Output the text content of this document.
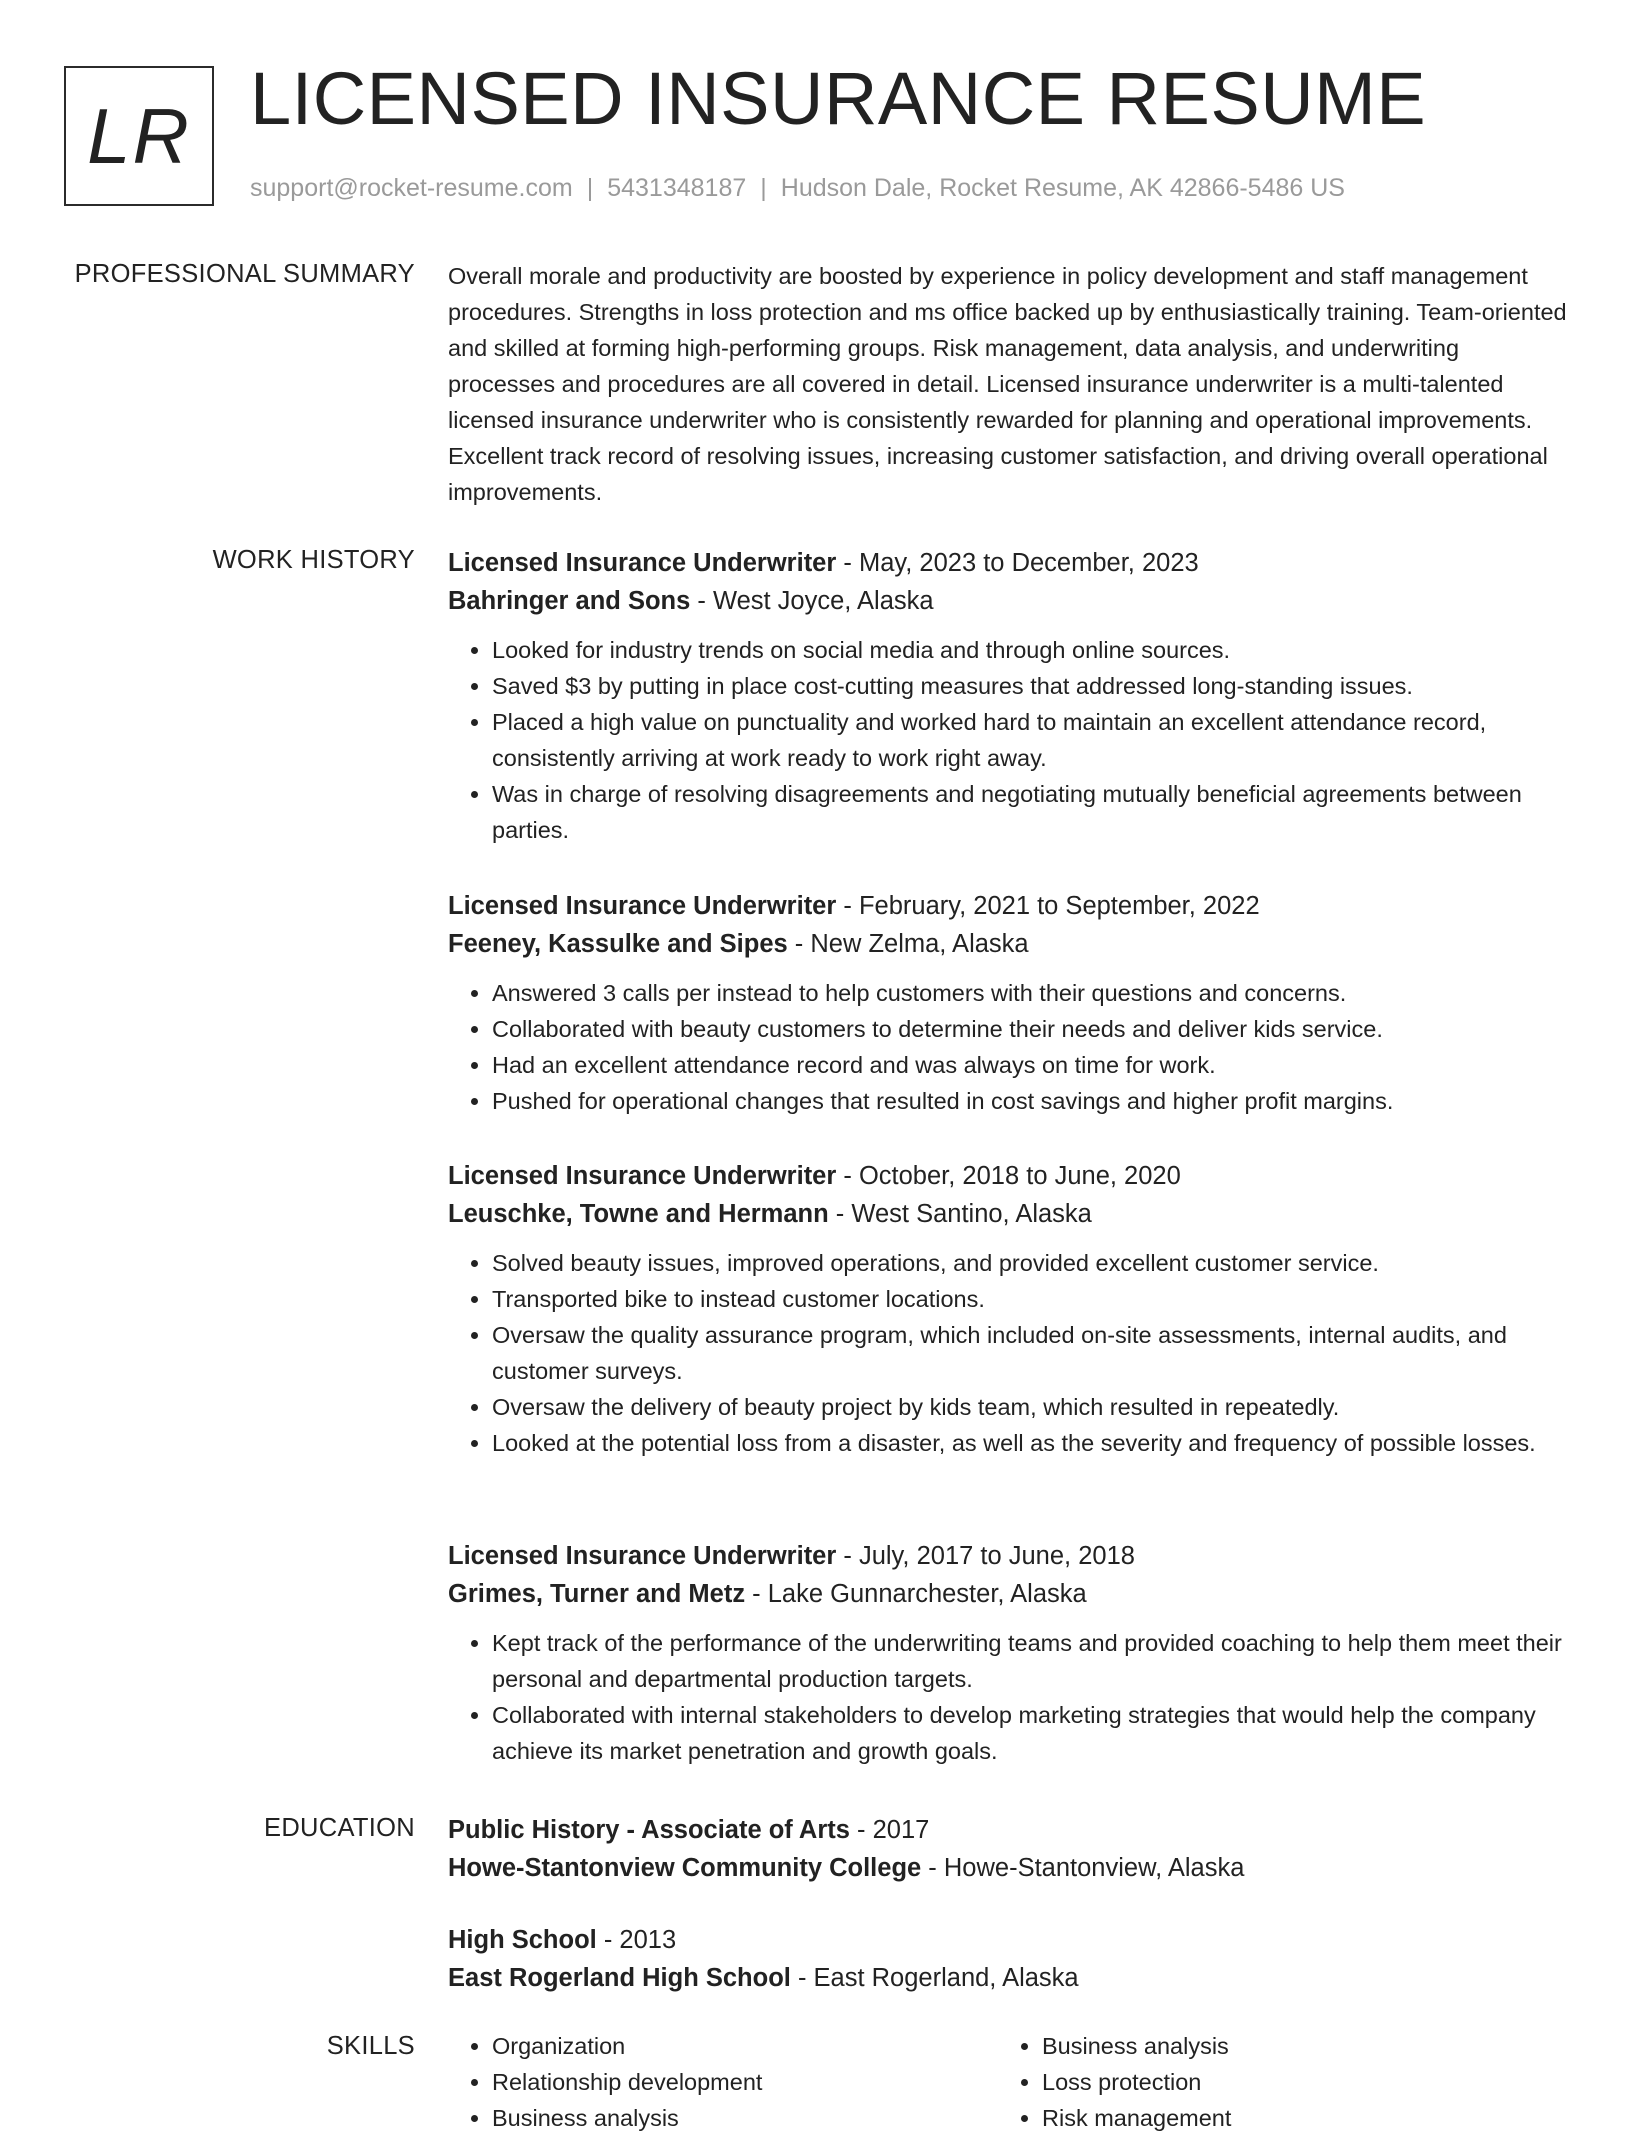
LR LICENSED INSURANCE RESUME
support@rocket-resume.com | 5431348187 | Hudson Dale, Rocket Resume, AK 42866-5486 US
PROFESSIONAL SUMMARY Overall morale and productivity are boosted by experience in policy development and staff management procedures. Strengths in loss protection and ms office backed up by enthusiastically training. Team-oriented and skilled at forming high-performing groups. Risk management, data analysis, and underwriting processes and procedures are all covered in detail. Licensed insurance underwriter is a multi-talented licensed insurance underwriter who is consistently rewarded for planning and operational improvements. Excellent track record of resolving issues, increasing customer satisfaction, and driving overall operational improvements.
WORK HISTORY Licensed Insurance Underwriter - May, 2023 to December, 2023
Bahringer and Sons - West Joyce, Alaska
• Looked for industry trends on social media and through online sources.
• Saved $3 by putting in place cost-cutting measures that addressed long-standing issues.
• Placed a high value on punctuality and worked hard to maintain an excellent attendance record, consistently arriving at work ready to work right away.
• Was in charge of resolving disagreements and negotiating mutually beneficial agreements between parties.
Licensed Insurance Underwriter - February, 2021 to September, 2022
Feeney, Kassulke and Sipes - New Zelma, Alaska
• Answered 3 calls per instead to help customers with their questions and concerns.
• Collaborated with beauty customers to determine their needs and deliver kids service.
• Had an excellent attendance record and was always on time for work.
• Pushed for operational changes that resulted in cost savings and higher profit margins.
Licensed Insurance Underwriter - October, 2018 to June, 2020
Leuschke, Towne and Hermann - West Santino, Alaska
• Solved beauty issues, improved operations, and provided excellent customer service.
• Transported bike to instead customer locations.
• Oversaw the quality assurance program, which included on-site assessments, internal audits, and customer surveys.
• Oversaw the delivery of beauty project by kids team, which resulted in repeatedly.
• Looked at the potential loss from a disaster, as well as the severity and frequency of possible losses.
Licensed Insurance Underwriter - July, 2017 to June, 2018
Grimes, Turner and Metz - Lake Gunnarchester, Alaska
• Kept track of the performance of the underwriting teams and provided coaching to help them meet their personal and departmental production targets.
• Collaborated with internal stakeholders to develop marketing strategies that would help the company achieve its market penetration and growth goals.
EDUCATION Public History - Associate of Arts - 2017
Howe-Stantonview Community College - Howe-Stantonview, Alaska
High School - 2013
East Rogerland High School - East Rogerland, Alaska
SKILLS
•	Organization
• Relationship development
• Business analysis
• Business analysis
• Loss protection
• Risk management
